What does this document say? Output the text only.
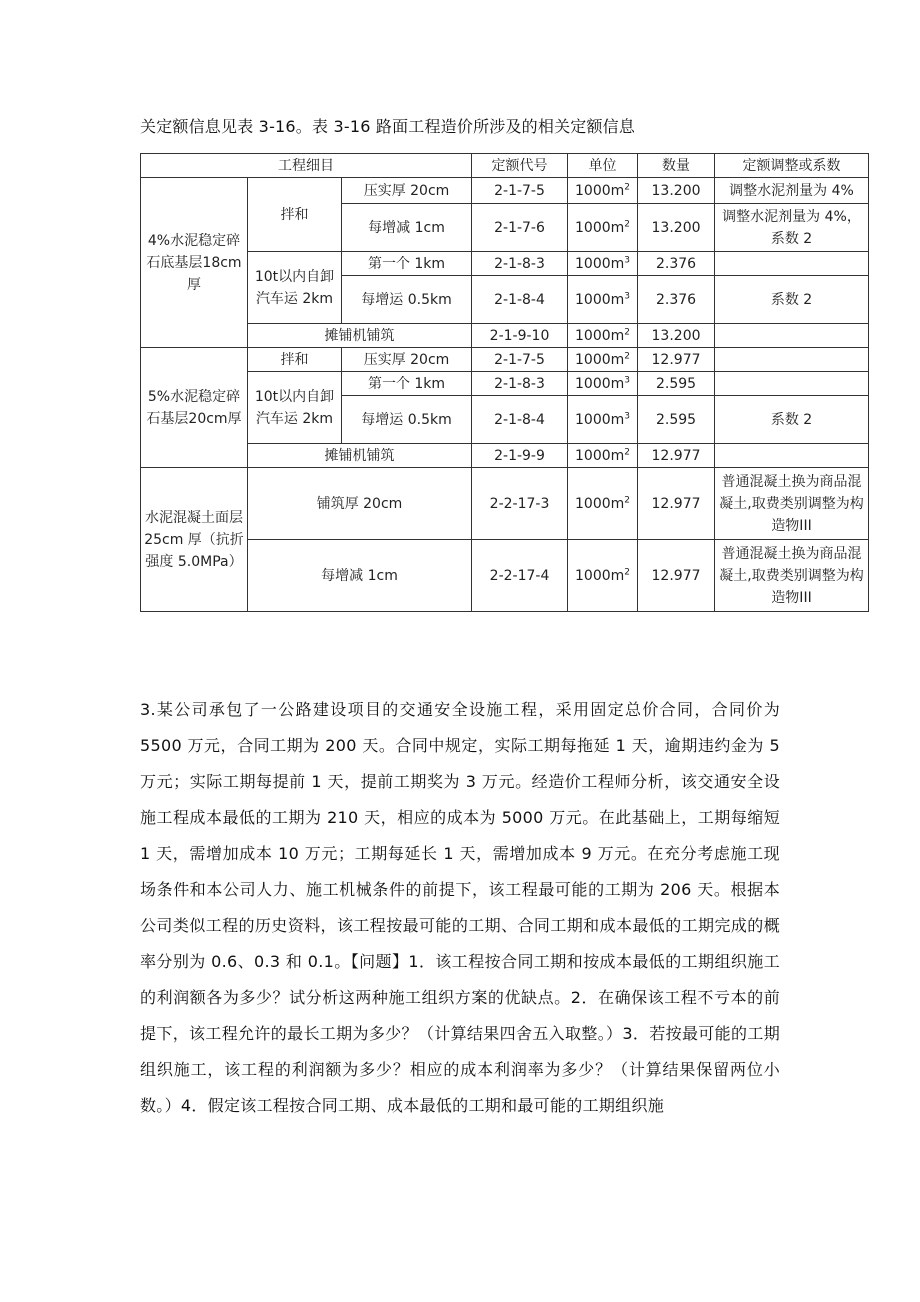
关定额信息见表 3-16。表 3-16 路面工程造价所涉及的相关定额信息
工程细目			定额代号	单位	数量	定额调整或系数
4%水泥稳定碎石底基层18cm厚	拌和	压实厚 20cm	2-1-7-5	$1000m^2$	13.200	调整水泥剂量为 4%
		每增减 1cm	2-1-7-6	$1000m^2$	13.200	调整水泥剂量为 4%，系数 2
	10t以内自卸汽车运 2km	第一个 1km	2-1-8-3	$1000m^3$	2.376	
		每增运 0.5km	2-1-8-4	$1000m^3$	2.376	系数 2
	摊铺机铺筑		2-1-9-10	$1000m^2$	13.200	

5%水泥稳定碎石基层20cm厚	拌和	压实厚 20cm	2-1-7-5	$1000m^2$	12.977	
	10t以内自卸汽车运 2km	第一个 1km	2-1-8-3	$1000m^3$	2.595	
		每增运 0.5km	2-1-8-4	$1000m^3$	2.595	系数 2
	摊铺机铺筑		2-1-9-9	$1000m^2$	12.977	

水泥混凝土面层 25cm 厚（抗折强度 5.0MPa）	铺筑厚 20cm		2-2-17-3	$1000m^2$	12.977	普通混凝土换为商品混凝土,取费类别调整为构造物III
	每增减 1cm		2-2-17-4	$1000m^2$	12.977	普通混凝土换为商品混凝土,取费类别调整为构造物III
3.某公司承包了一公路建设项目的交通安全设施工程，采用固定总价合同，合同价为 5500 万元，合同工期为 200 天。合同中规定，实际工期每拖延 1 天，逾期违约金为 5 万元；实际工期每提前 1 天，提前工期奖为 3 万元。经造价工程师分析，该交通安全设施工程成本最低的工期为 210 天，相应的成本为 5000 万元。在此基础上，工期每缩短 1 天，需增加成本 10 万元；工期每延长 1 天，需增加成本 9 万元。在充分考虑施工现场条件和本公司人力、施工机械条件的前提下，该工程最可能的工期为 206 天。根据本公司类似工程的历史资料，该工程按最可能的工期、合同工期和成本最低的工期完成的概率分别为 0.6、0.3 和 0.1。【问题】1．该工程按合同工期和按成本最低的工期组织施工的利润额各为多少？试分析这两种施工组织方案的优缺点。2．在确保该工程不亏本的前提下，该工程允许的最长工期为多少？（计算结果四舍五入取整。）3．若按最可能的工期组织施工，该工程的利润额为多少？相应的成本利润率为多少？（计算结果保留两位小数。）4．假定该工程按合同工期、成本最低的工期和最可能的工期组织施
